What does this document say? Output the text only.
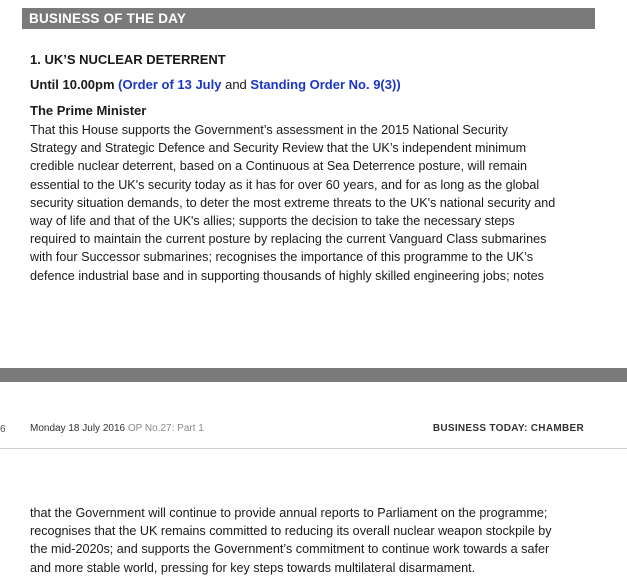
BUSINESS OF THE DAY
1. UK’S NUCLEAR DETERRENT
Until 10.00pm (Order of 13 July and Standing Order No. 9(3))
The Prime Minister
That this House supports the Government’s assessment in the 2015 National Security
Strategy and Strategic Defence and Security Review that the UK’s independent minimum
credible nuclear deterrent, based on a Continuous at Sea Deterrence posture, will remain
essential to the UK's security today as it has for over 60 years, and for as long as the global
security situation demands, to deter the most extreme threats to the UK's national security and
way of life and that of the UK's allies; supports the decision to take the necessary steps
required to maintain the current posture by replacing the current Vanguard Class submarines
with four Successor submarines; recognises the importance of this programme to the UK’s
defence industrial base and in supporting thousands of highly skilled engineering jobs; notes
6 Monday 18 July 2016 OP No.27: Part 1	BUSINESS TODAY: CHAMBER
that the Government will continue to provide annual reports to Parliament on the programme;
recognises that the UK remains committed to reducing its overall nuclear weapon stockpile by
the mid-2020s; and supports the Government’s commitment to continue work towards a safer
and more stable world, pressing for key steps towards multilateral disarmament.
